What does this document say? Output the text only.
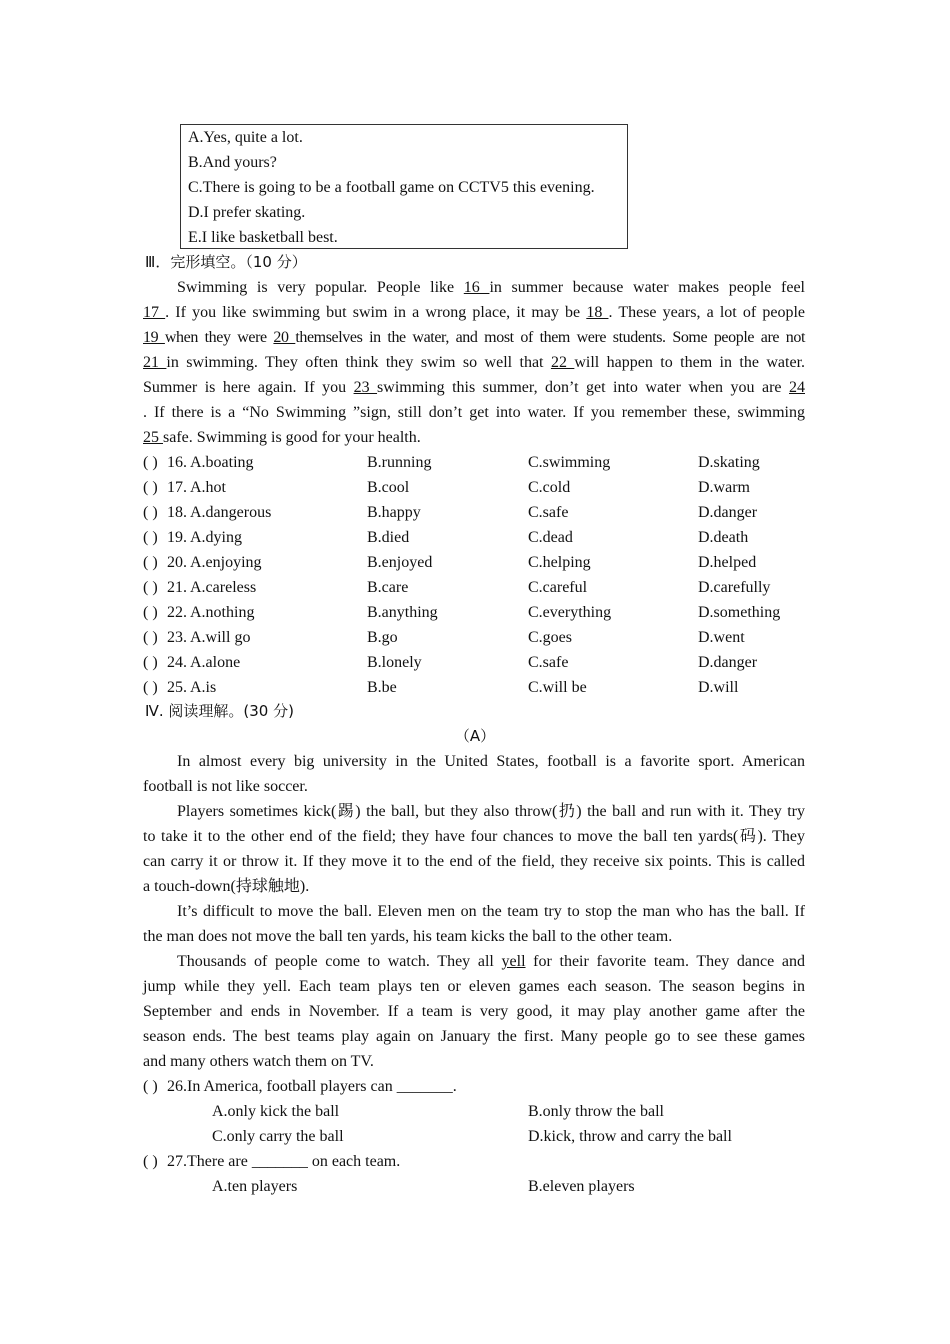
A.Yes, quite a lot.
B.And yours?
C.There is going to be a football game on CCTV5 this evening.
D.I prefer skating.
E.I like basketball best.
Ⅲ．完形填空。（10 分）
Swimming is very popular. People like 16 in summer because water makes people feel
17 . If you like swimming but swim in a wrong place, it may be 18 . These years, a lot of people
19 when they were 20 themselves in the water, and most of them were students. Some people are not
21 in swimming. They often think they swim so well that 22 will happen to them in the water.
Summer is here again. If you 23 swimming this summer, don’t get into water when you are 24
. If there is a “No Swimming ”sign, still don’t get into water. If you remember these, swimming
25 safe. Swimming is good for your health.
( ) 16. A.boating	B.running	C.swimming	D.skating
( ) 17. A.hot	B.cool	C.cold	D.warm
( ) 18. A.dangerous	B.happy	C.safe	D.danger
( ) 19. A.dying	B.died	C.dead	D.death
( ) 20. A.enjoying	B.enjoyed	C.helping	D.helped
( ) 21. A.careless	B.care	C.careful	D.carefully
( ) 22. A.nothing	B.anything	C.everything	D.something
( ) 23. A.will go	B.go	C.goes	D.went
( ) 24. A.alone	B.lonely	C.safe	D.danger
( ) 25. A.is	B.be	C.will be	D.will
Ⅳ. 阅读理解。(30 分)
（A）
In almost every big university in the United States, football is a favorite sport. American
football is not like soccer.
Players sometimes kick(踢) the ball, but they also throw(扔) the ball and run with it. They try
to take it to the other end of the field; they have four chances to move the ball ten yards(码). They
can carry it or throw it. If they move it to the end of the field, they receive six points. This is called
a touch-down(持球触地).
It’s difficult to move the ball. Eleven men on the team try to stop the man who has the ball. If
the man does not move the ball ten yards, his team kicks the ball to the other team.
Thousands of people come to watch. They all yell for their favorite team. They dance and
jump while they yell. Each team plays ten or eleven games each season. The season begins in
September and ends in November. If a team is very good, it may play another game after the
season ends. The best teams play again on January the first. Many people go to see these games
and many others watch them on TV.
( ) 26.In America, football players can _______.
A.only kick the ball	B.only throw the ball
C.only carry the ball	D.kick, throw and carry the ball
( ) 27.There are _______ on each team.
A.ten players	B.eleven players
